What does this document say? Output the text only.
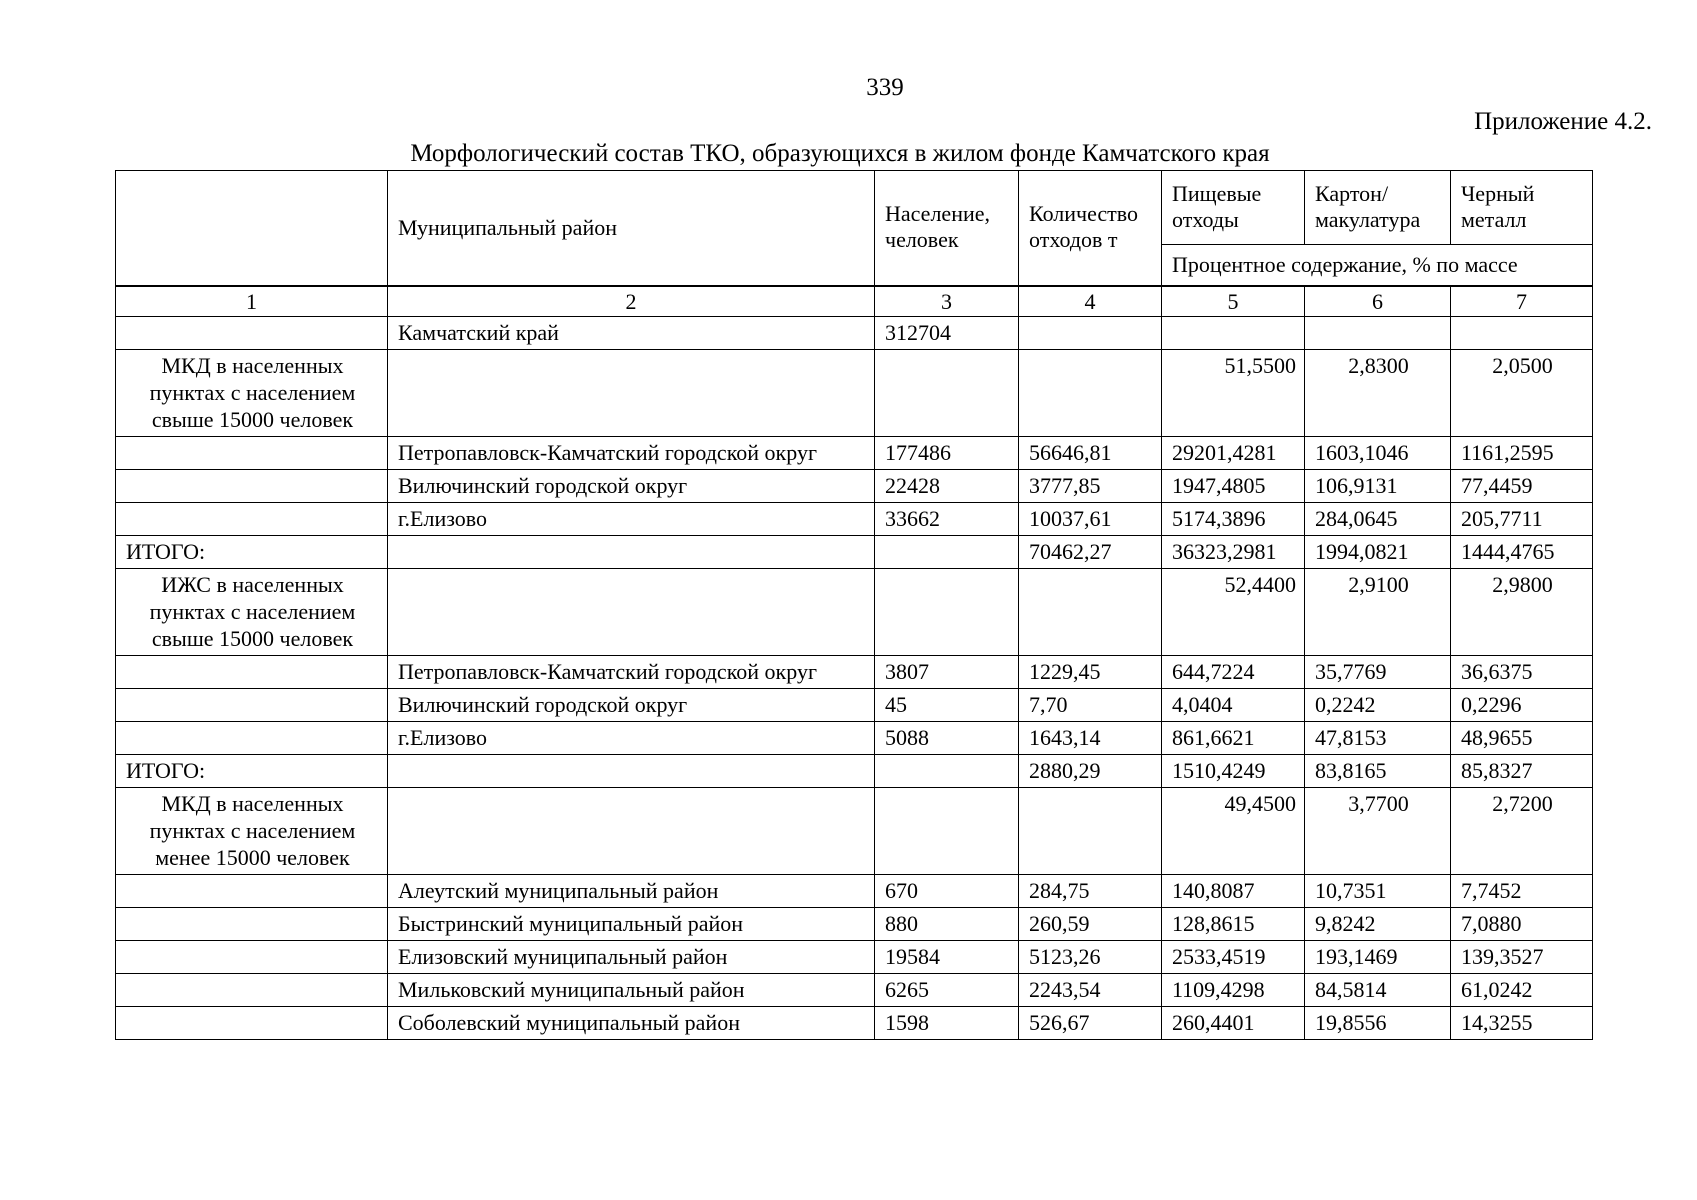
339
Приложение 4.2.
Морфологический состав ТКО, образующихся в жилом фонде Камчатского края
	Муниципальный район	Население, человек	Количество отходов т	Пищевые отходы	Картон/ макулатура	Черный металл
				Процентное содержание, % по массе		
1	2	3	4	5	6	7
	Камчатский край	312704				
МКД в населенных пунктах с населением свыше 15000 человек				51,5500	2,8300	2,0500
	Петропавловск-Камчатский городской округ	177486	56646,81	29201,4281	1603,1046	1161,2595
	Вилючинский городской округ	22428	3777,85	1947,4805	106,9131	77,4459
	г.Елизово	33662	10037,61	5174,3896	284,0645	205,7711
ИТОГО:			70462,27	36323,2981	1994,0821	1444,4765
ИЖС в населенных пунктах с населением свыше 15000 человек				52,4400	2,9100	2,9800
	Петропавловск-Камчатский городской округ	3807	1229,45	644,7224	35,7769	36,6375
	Вилючинский городской округ	45	7,70	4,0404	0,2242	0,2296
	г.Елизово	5088	1643,14	861,6621	47,8153	48,9655
ИТОГО:			2880,29	1510,4249	83,8165	85,8327
МКД в населенных пунктах с населением менее 15000 человек				49,4500	3,7700	2,7200
	Алеутский муниципальный район	670	284,75	140,8087	10,7351	7,7452
	Быстринский муниципальный район	880	260,59	128,8615	9,8242	7,0880
	Елизовский муниципальный район	19584	5123,26	2533,4519	193,1469	139,3527
	Мильковский муниципальный район	6265	2243,54	1109,4298	84,5814	61,0242
	Соболевский муниципальный район	1598	526,67	260,4401	19,8556	14,3255
